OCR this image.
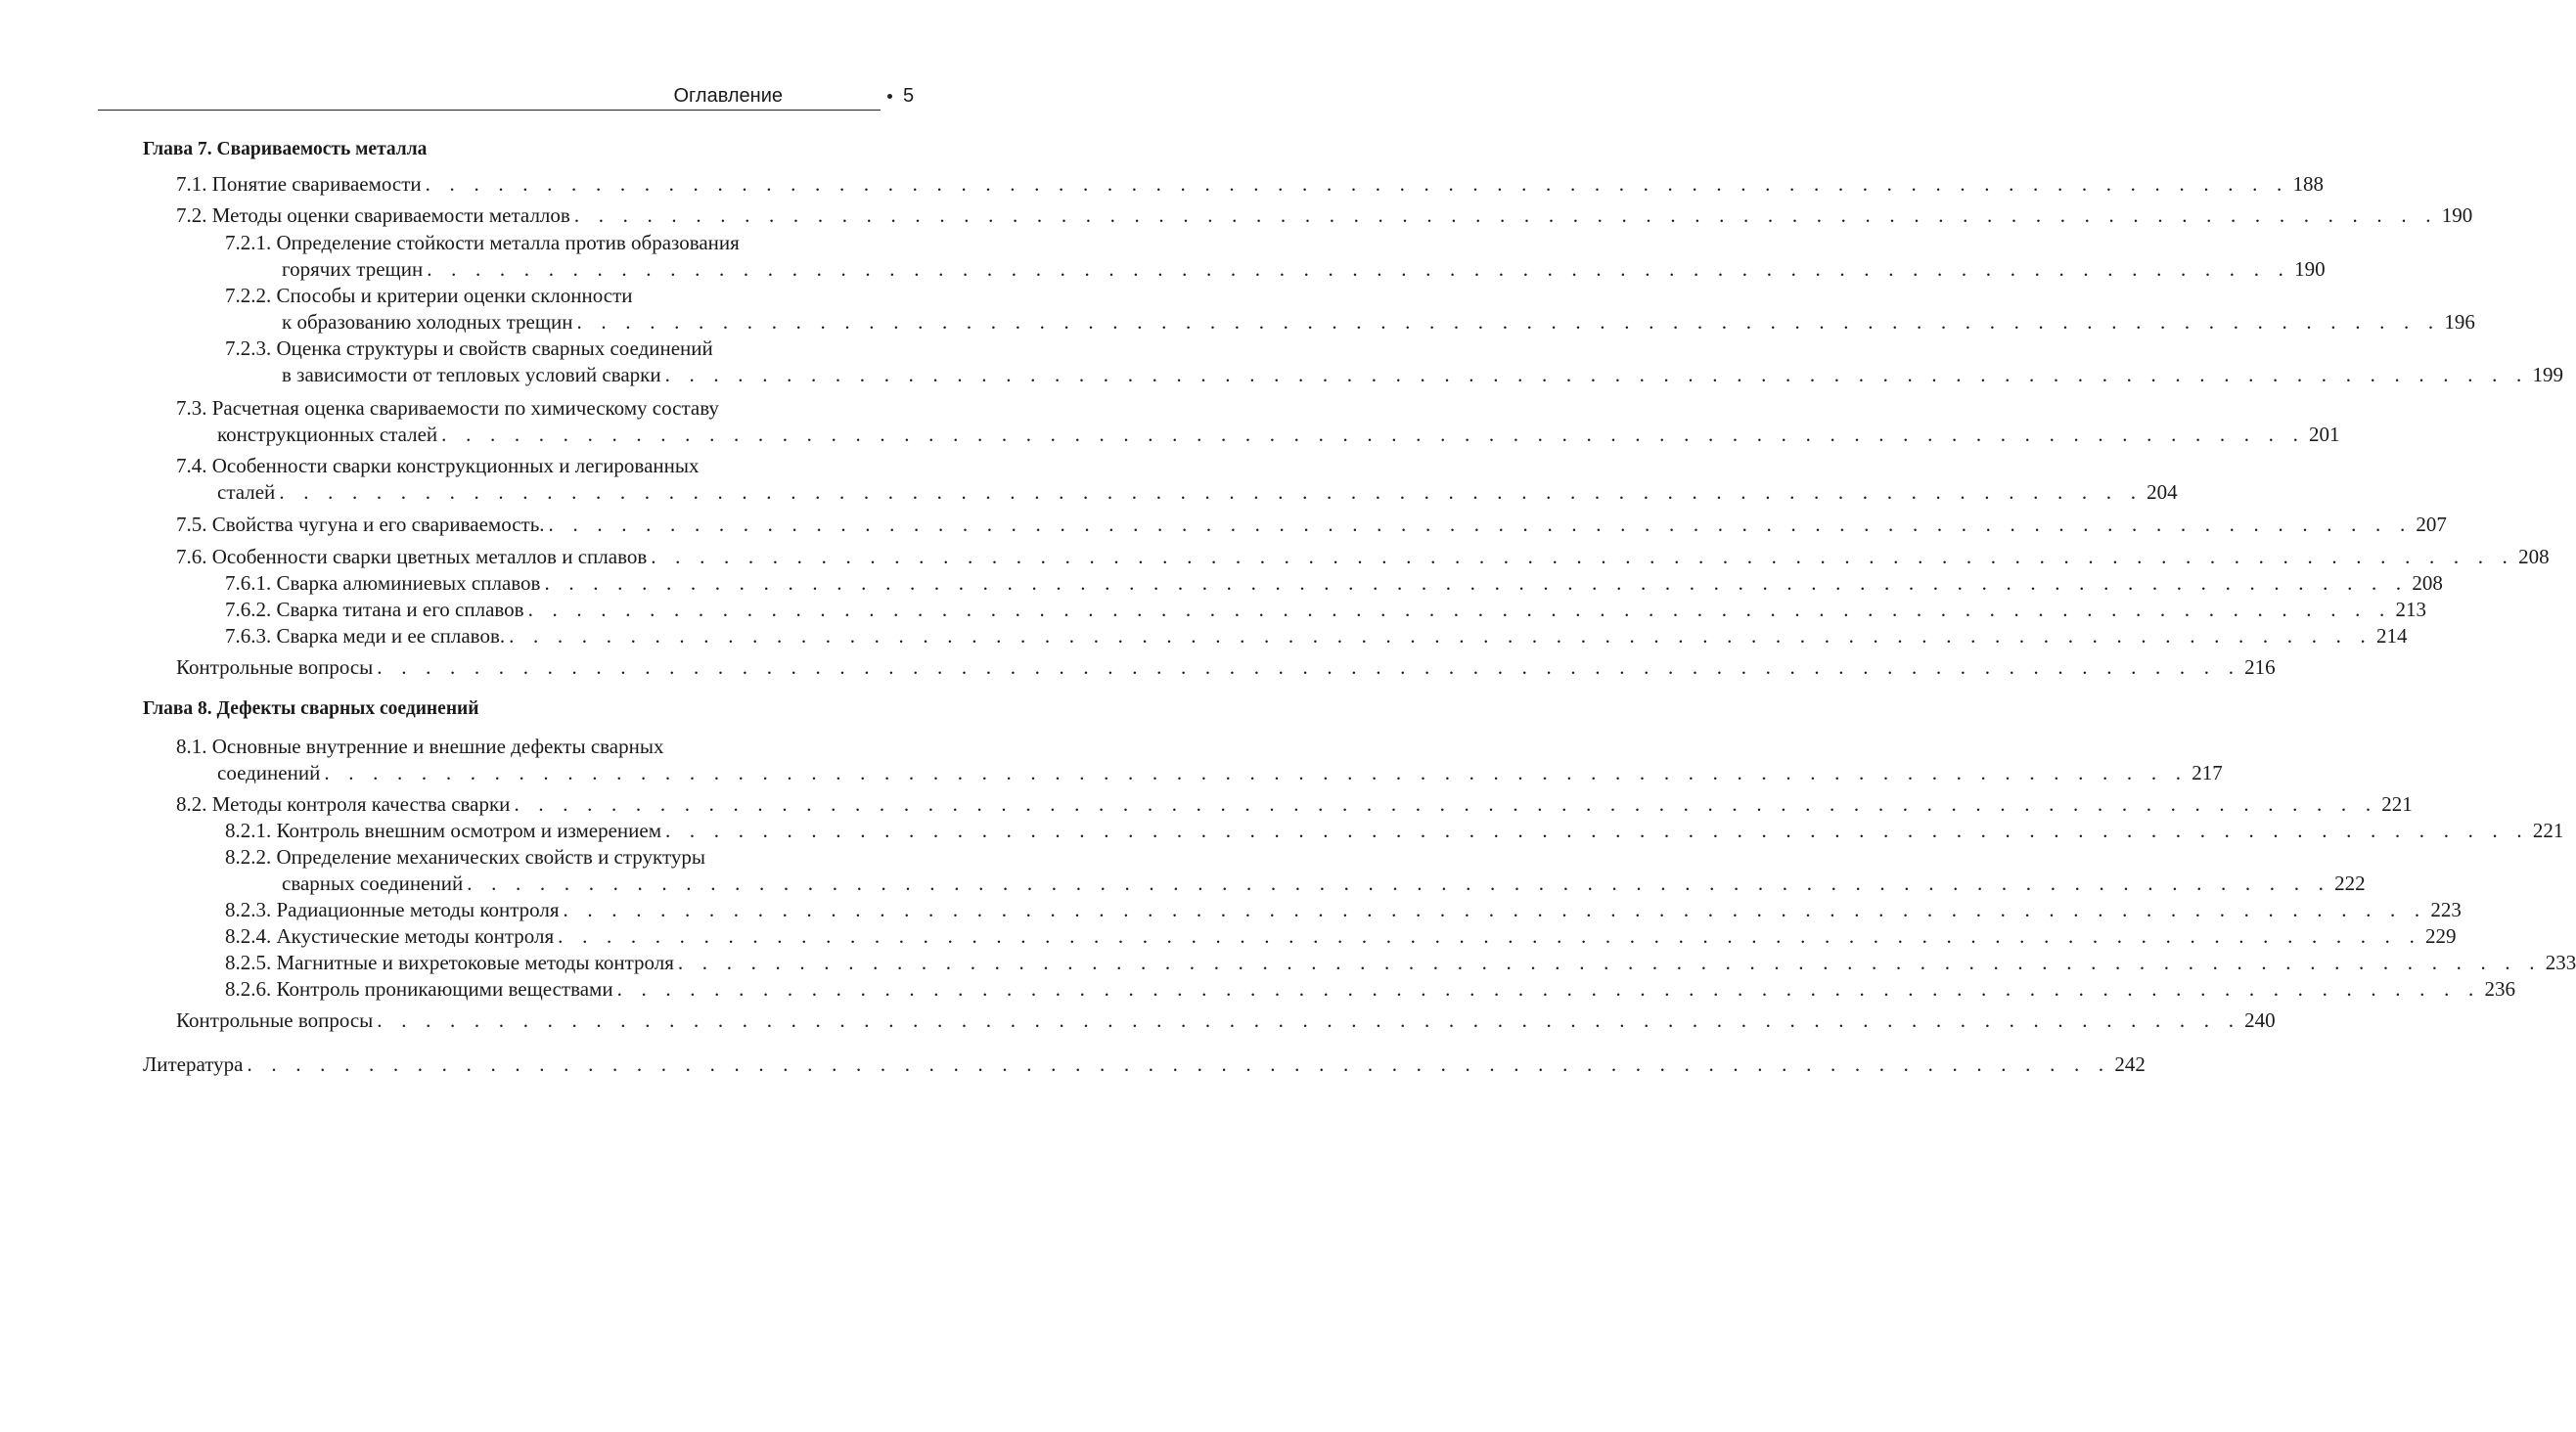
Оглавление	5
Глава 7. Свариваемость металла
7.1. Понятие свариваемости . . . . . . . . . . . . . . . . . . . . . . . . . . . . . . . . . . . . . . . . . . . . . . . . . . . . . . . . . . . . . . . . . . . . . . . . . . . . . 188
7.2. Методы оценки свариваемости металлов . . . . . . . . . . . . . . . . . . . . . . . . . . . . . . . . . . . . . . . . . . . . . . . . . . . . . . . . . . . . . . . . . . . . . . . . . . . . . 190
7.2.1. Определение стойкости металла против образования
горячих трещин . . . . . . . . . . . . . . . . . . . . . . . . . . . . . . . . . . . . . . . . . . . . . . . . . . . . . . . . . . . . . . . . . . . . . . . . . . . . . 190
7.2.2. Способы и критерии оценки склонности
к образованию холодных трещин . . . . . . . . . . . . . . . . . . . . . . . . . . . . . . . . . . . . . . . . . . . . . . . . . . . . . . . . . . . . . . . . . . . . . . . . . . . . . 196
7.2.3. Оценка структуры и свойств сварных соединений
в зависимости от тепловых условий сварки . . . . . . . . . . . . . . . . . . . . . . . . . . . . . . . . . . . . . . . . . . . . . . . . . . . . . . . . . . . . . . . . . . . . . . . . . . . . . 199
7.3. Расчетная оценка свариваемости по химическому составу
конструкционных сталей . . . . . . . . . . . . . . . . . . . . . . . . . . . . . . . . . . . . . . . . . . . . . . . . . . . . . . . . . . . . . . . . . . . . . . . . . . . . . 201
7.4. Особенности сварки конструкционных и легированных
сталей . . . . . . . . . . . . . . . . . . . . . . . . . . . . . . . . . . . . . . . . . . . . . . . . . . . . . . . . . . . . . . . . . . . . . . . . . . . . . 204
7.5. Свойства чугуна и его свариваемость. . . . . . . . . . . . . . . . . . . . . . . . . . . . . . . . . . . . . . . . . . . . . . . . . . . . . . . . . . . . . . . . . . . . . . . . . . . . . . 207
7.6. Особенности сварки цветных металлов и сплавов . . . . . . . . . . . . . . . . . . . . . . . . . . . . . . . . . . . . . . . . . . . . . . . . . . . . . . . . . . . . . . . . . . . . . . . . . . . . . 208
7.6.1. Сварка алюминиевых сплавов . . . . . . . . . . . . . . . . . . . . . . . . . . . . . . . . . . . . . . . . . . . . . . . . . . . . . . . . . . . . . . . . . . . . . . . . . . . . . 208
7.6.2. Сварка титана и его сплавов . . . . . . . . . . . . . . . . . . . . . . . . . . . . . . . . . . . . . . . . . . . . . . . . . . . . . . . . . . . . . . . . . . . . . . . . . . . . . 213
7.6.3. Сварка меди и ее сплавов. . . . . . . . . . . . . . . . . . . . . . . . . . . . . . . . . . . . . . . . . . . . . . . . . . . . . . . . . . . . . . . . . . . . . . . . . . . . . . 214
Контрольные вопросы . . . . . . . . . . . . . . . . . . . . . . . . . . . . . . . . . . . . . . . . . . . . . . . . . . . . . . . . . . . . . . . . . . . . . . . . . . . . . 216
Глава 8. Дефекты сварных соединений
8.1. Основные внутренние и внешние дефекты сварных
соединений . . . . . . . . . . . . . . . . . . . . . . . . . . . . . . . . . . . . . . . . . . . . . . . . . . . . . . . . . . . . . . . . . . . . . . . . . . . . . 217
8.2. Методы контроля качества сварки . . . . . . . . . . . . . . . . . . . . . . . . . . . . . . . . . . . . . . . . . . . . . . . . . . . . . . . . . . . . . . . . . . . . . . . . . . . . . 221
8.2.1. Контроль внешним осмотром и измерением . . . . . . . . . . . . . . . . . . . . . . . . . . . . . . . . . . . . . . . . . . . . . . . . . . . . . . . . . . . . . . . . . . . . . . . . . . . . . 221
8.2.2. Определение механических свойств и структуры
сварных соединений . . . . . . . . . . . . . . . . . . . . . . . . . . . . . . . . . . . . . . . . . . . . . . . . . . . . . . . . . . . . . . . . . . . . . . . . . . . . . 222
8.2.3. Радиационные методы контроля . . . . . . . . . . . . . . . . . . . . . . . . . . . . . . . . . . . . . . . . . . . . . . . . . . . . . . . . . . . . . . . . . . . . . . . . . . . . . 223
8.2.4. Акустические методы контроля . . . . . . . . . . . . . . . . . . . . . . . . . . . . . . . . . . . . . . . . . . . . . . . . . . . . . . . . . . . . . . . . . . . . . . . . . . . . . 229
8.2.5. Магнитные и вихретоковые методы контроля . . . . . . . . . . . . . . . . . . . . . . . . . . . . . . . . . . . . . . . . . . . . . . . . . . . . . . . . . . . . . . . . . . . . . . . . . . . . . 233
8.2.6. Контроль проникающими веществами . . . . . . . . . . . . . . . . . . . . . . . . . . . . . . . . . . . . . . . . . . . . . . . . . . . . . . . . . . . . . . . . . . . . . . . . . . . . . 236
Контрольные вопросы . . . . . . . . . . . . . . . . . . . . . . . . . . . . . . . . . . . . . . . . . . . . . . . . . . . . . . . . . . . . . . . . . . . . . . . . . . . . . 240
Литература . . . . . . . . . . . . . . . . . . . . . . . . . . . . . . . . . . . . . . . . . . . . . . . . . . . . . . . . . . . . . . . . . . . . . . . . . . . . . 242
